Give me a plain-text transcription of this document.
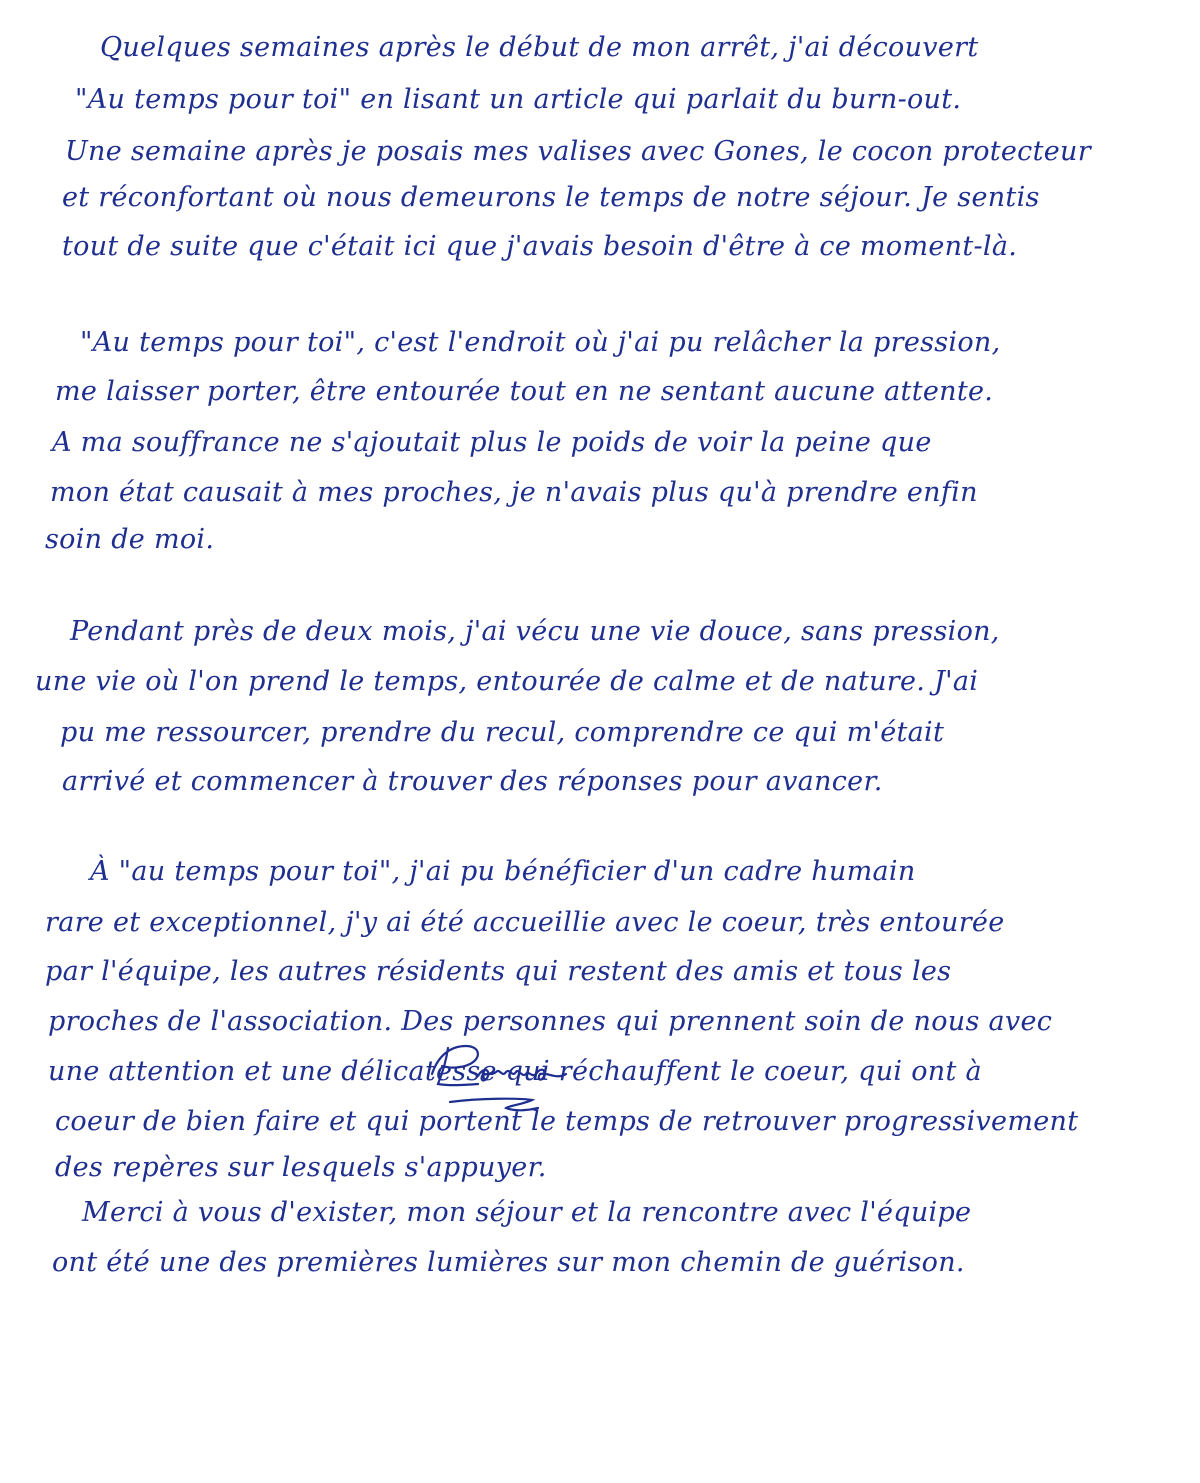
Quelques semaines après le début de mon arrêt, j'ai découvert
"Au temps pour toi" en lisant un article qui parlait du burn-out.
Une semaine après je posais mes valises avec Gones, le cocon protecteur
et réconfortant où nous demeurons le temps de notre séjour. Je sentis
tout de suite que c'était ici que j'avais besoin d'être à ce moment-là.
"Au temps pour toi", c'est l'endroit où j'ai pu relâcher la pression,
me laisser porter, être entourée tout en ne sentant aucune attente.
A ma souffrance ne s'ajoutait plus le poids de voir la peine que
mon état causait à mes proches, je n'avais plus qu'à prendre enfin
soin de moi.
Pendant près de deux mois, j'ai vécu une vie douce, sans pression,
une vie où l'on prend le temps, entourée de calme et de nature. J'ai
pu me ressourcer, prendre du recul, comprendre ce qui m'était
arrivé et commencer à trouver des réponses pour avancer.
À "au temps pour toi", j'ai pu bénéficier d'un cadre humain
rare et exceptionnel, j'y ai été accueillie avec le coeur, très entourée
par l'équipe, les autres résidents qui restent des amis et tous les
proches de l'association. Des personnes qui prennent soin de nous avec
une attention et une délicatesse qui réchauffent le coeur, qui ont à
coeur de bien faire et qui portent le temps de retrouver progressivement
des repères sur lesquels s'appuyer.
Merci à vous d'exister, mon séjour et la rencontre avec l'équipe
ont été une des premières lumières sur mon chemin de guérison.
